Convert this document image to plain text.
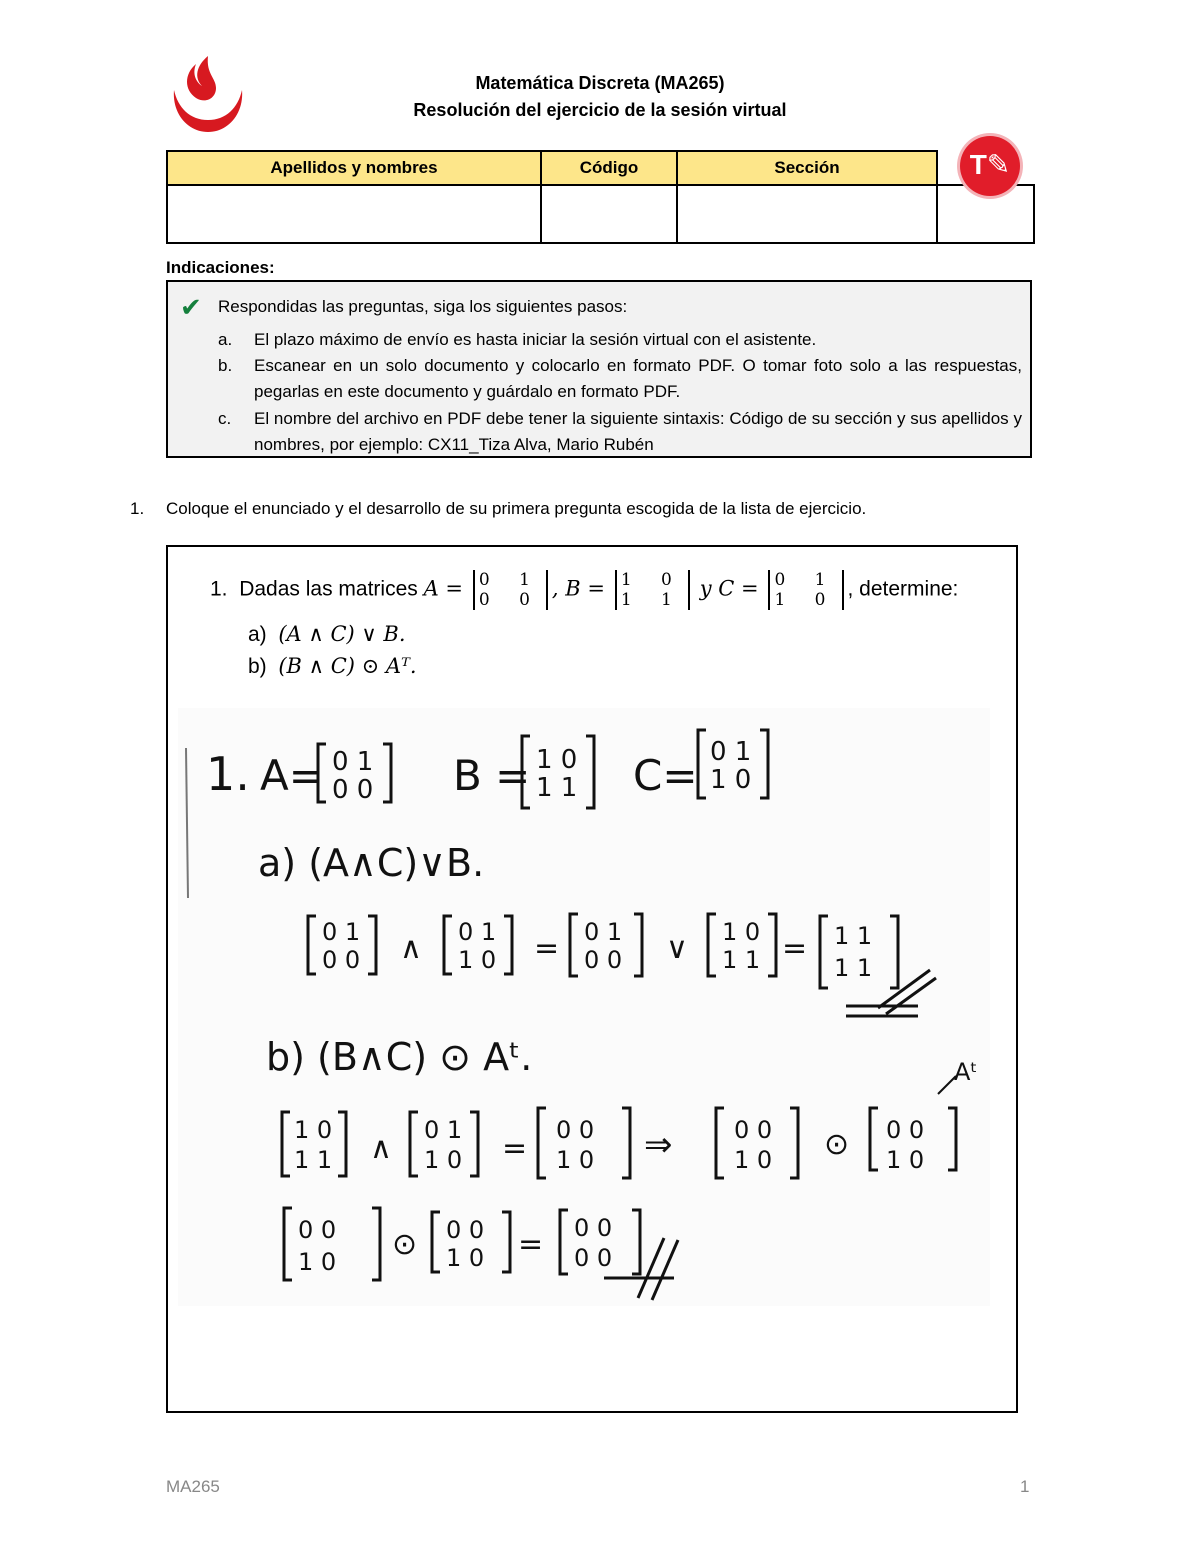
Matemática Discreta (MA265)
Resolución del ejercicio de la sesión virtual
Apellidos y nombres	Código	Sección	
				T✎
Indicaciones:
✔ Respondidas las preguntas, siga los siguientes pasos:
a. El plazo máximo de envío es hasta iniciar la sesión virtual con el asistente.
b. Escanear en un solo documento y colocarlo en formato PDF. O tomar foto solo a las respuestas, pegarlas en este documento y guárdalo en formato PDF.
c. El nombre del archivo en PDF debe tener la siguiente sintaxis: Código de su sección y sus apellidos y nombres, por ejemplo: CX11_Tiza Alva, Mario Rubén
1. Coloque el enunciado y el desarrollo de su primera pregunta escogida de la lista de ejercicio.
1. Dadas las matrices A = 0 1
0 0 , B = 1 0
1 1 y C = 0 1
1 0 , determine:
a) (A ∧ C) ∨ B.
b) (B ∧ C) ⊙ Aᵀ.
1. A= 0 1
0 0 B = 1 0
1 1 C= 0 1
1 0
a) (A∧C)∨B.
0 1
0 0 ∧ 0 1
1 0 = 0 1
0 0 ∨ 1 0
1 1 = 1 1
1 1
b) (B∧C) ⊙ Aᵗ.	Aᵗ
1 0
1 1 ∧
0 1
1 0 =
0 0
1 0 ⇒	0 0
1 0 ⊙ 0 0
1 0
0 0
1 0 ⊙ 0 0
1 0 = 0 0
0 0
MA265	1
